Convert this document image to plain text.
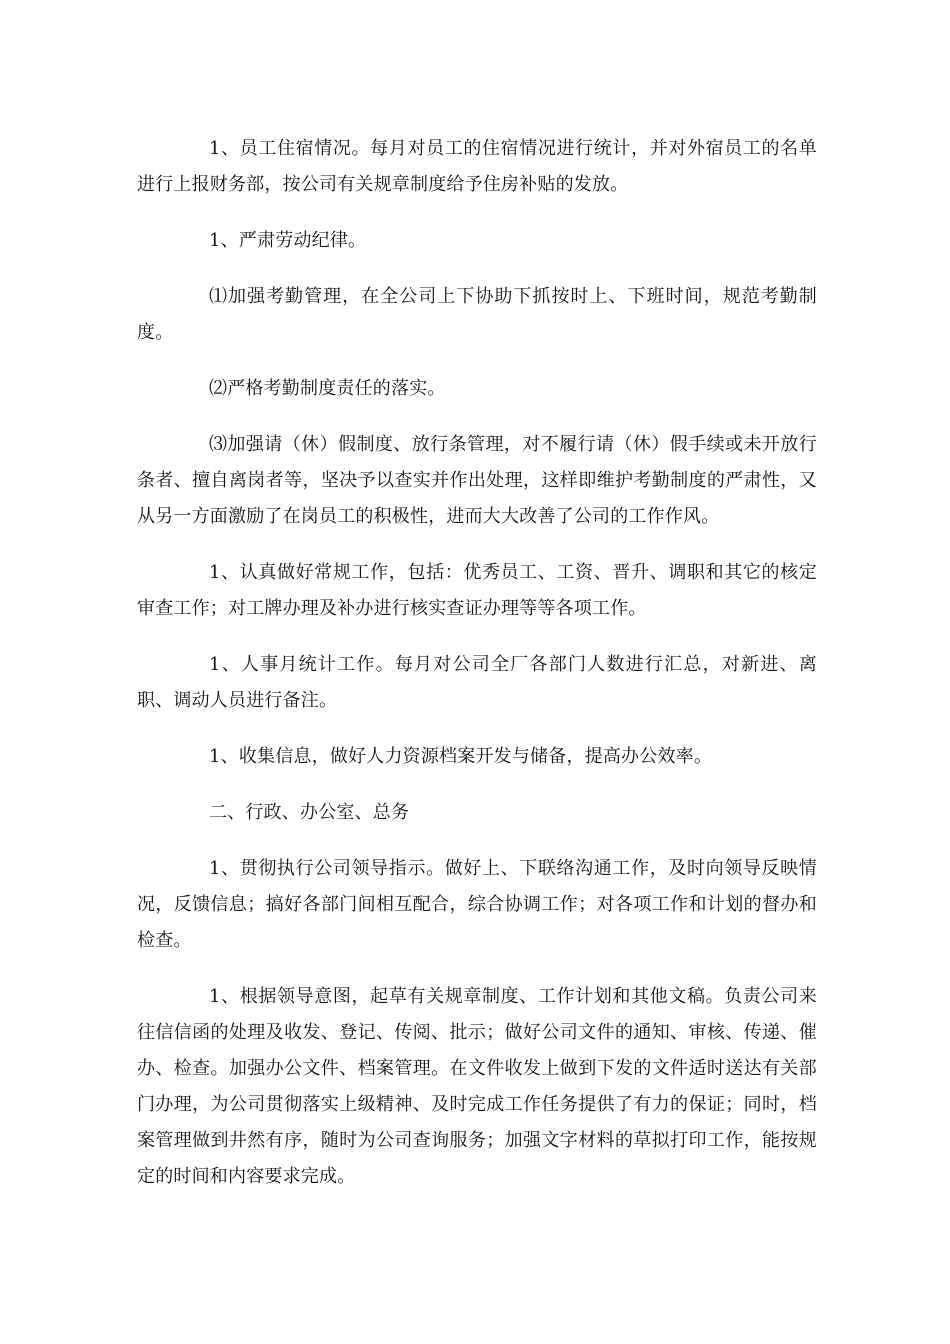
1、员工住宿情况。每月对员工的住宿情况进行统计，并对外宿员工的名单进行上报财务部，按公司有关规章制度给予住房补贴的发放。

1、严肃劳动纪律。

⑴加强考勤管理，在全公司上下协助下抓按时上、下班时间，规范考勤制度。

⑵严格考勤制度责任的落实。

⑶加强请（休）假制度、放行条管理，对不履行请（休）假手续或未开放行条者、擅自离岗者等，坚决予以查实并作出处理，这样即维护考勤制度的严肃性，又从另一方面激励了在岗员工的积极性，进而大大改善了公司的工作作风。

1、认真做好常规工作，包括：优秀员工、工资、晋升、调职和其它的核定审查工作；对工牌办理及补办进行核实查证办理等等各项工作。

1、人事月统计工作。每月对公司全厂各部门人数进行汇总，对新进、离职、调动人员进行备注。

1、收集信息，做好人力资源档案开发与储备，提高办公效率。

二、行政、办公室、总务

1、贯彻执行公司领导指示。做好上、下联络沟通工作，及时向领导反映情况，反馈信息；搞好各部门间相互配合，综合协调工作；对各项工作和计划的督办和检查。

1、根据领导意图，起草有关规章制度、工作计划和其他文稿。负责公司来往信信函的处理及收发、登记、传阅、批示；做好公司文件的通知、审核、传递、催办、检查。加强办公文件、档案管理。在文件收发上做到下发的文件适时送达有关部门办理，为公司贯彻落实上级精神、及时完成工作任务提供了有力的保证；同时，档案管理做到井然有序，随时为公司查询服务；加强文字材料的草拟打印工作，能按规定的时间和内容要求完成。
